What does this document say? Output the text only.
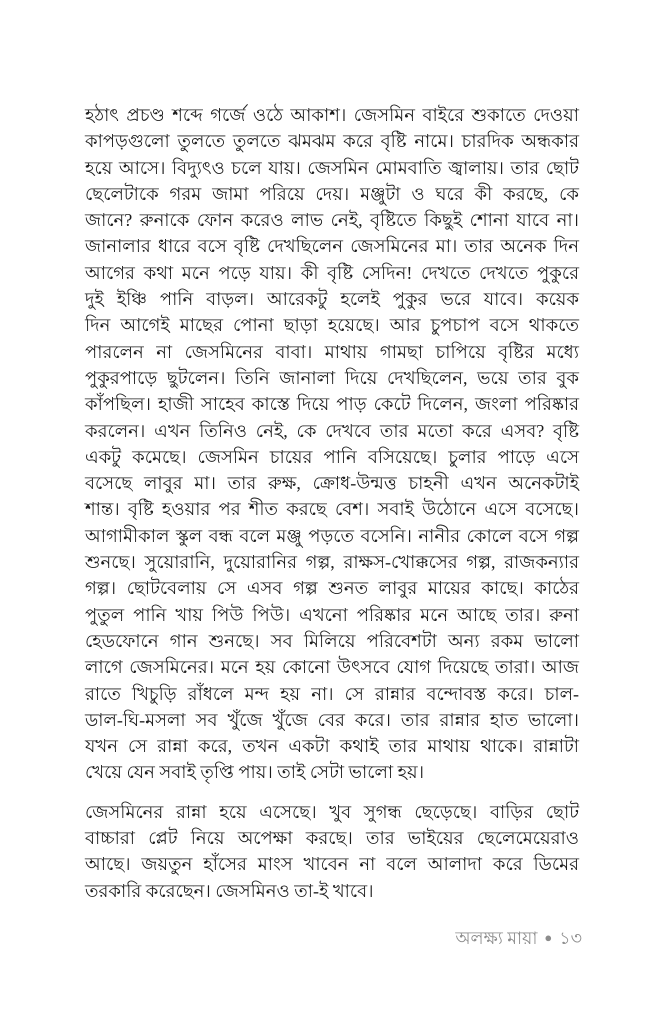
হঠাৎ প্রচণ্ড শব্দে গর্জে ওঠে আকাশ। জেসমিন বাইরে শুকাতে দেওয়া
কাপড়গুলো তুলতে তুলতে ঝমঝম করে বৃষ্টি নামে। চারদিক অন্ধকার
হয়ে আসে। বিদ্যুৎও চলে যায়। জেসমিন মোমবাতি জ্বালায়। তার ছোট
ছেলেটাকে গরম জামা পরিয়ে দেয়। মঞ্জুটা ও ঘরে কী করছে, কে
জানে? রুনাকে ফোন করেও লাভ নেই, বৃষ্টিতে কিছুই শোনা যাবে না।
জানালার ধারে বসে বৃষ্টি দেখছিলেন জেসমিনের মা। তার অনেক দিন
আগের কথা মনে পড়ে যায়। কী বৃষ্টি সেদিন! দেখতে দেখতে পুকুরে
দুই ইঞ্চি পানি বাড়ল। আরেকটু হলেই পুকুর ভরে যাবে। কয়েক
দিন আগেই মাছের পোনা ছাড়া হয়েছে। আর চুপচাপ বসে থাকতে
পারলেন না জেসমিনের বাবা। মাথায় গামছা চাপিয়ে বৃষ্টির মধ্যে
পুকুরপাড়ে ছুটলেন। তিনি জানালা দিয়ে দেখছিলেন, ভয়ে তার বুক
কাঁপছিল। হাজী সাহেব কাস্তে দিয়ে পাড় কেটে দিলেন, জংলা পরিষ্কার
করলেন। এখন তিনিও নেই, কে দেখবে তার মতো করে এসব? বৃষ্টি
একটু কমেছে। জেসমিন চায়ের পানি বসিয়েছে। চুলার পাড়ে এসে
বসেছে লাবুর মা। তার রুক্ষ, ক্রোধ-উন্মত্ত চাহনী এখন অনেকটাই
শান্ত। বৃষ্টি হওয়ার পর শীত করছে বেশ। সবাই উঠোনে এসে বসেছে।
আগামীকাল স্কুল বন্ধ বলে মঞ্জু পড়তে বসেনি। নানীর কোলে বসে গল্প
শুনছে। সুয়োরানি, দুয়োরানির গল্প, রাক্ষস-খোক্কসের গল্প, রাজকন্যার
গল্প। ছোটবেলায় সে এসব গল্প শুনত লাবুর মায়ের কাছে। কাঠের
পুতুল পানি খায় পিউ পিউ। এখনো পরিষ্কার মনে আছে তার। রুনা
হেডফোনে গান শুনছে। সব মিলিয়ে পরিবেশটা অন্য রকম ভালো
লাগে জেসমিনের। মনে হয় কোনো উৎসবে যোগ দিয়েছে তারা। আজ
রাতে খিচুড়ি রাঁধলে মন্দ হয় না। সে রান্নার বন্দোবস্ত করে। চাল-
ডাল-ঘি-মসলা সব খুঁজে খুঁজে বের করে। তার রান্নার হাত ভালো।
যখন সে রান্না করে, তখন একটা কথাই তার মাথায় থাকে। রান্নাটা
খেয়ে যেন সবাই তৃপ্তি পায়। তাই সেটা ভালো হয়।
জেসমিনের রান্না হয়ে এসেছে। খুব সুগন্ধ ছেড়েছে। বাড়ির ছোট
বাচ্চারা প্লেট নিয়ে অপেক্ষা করছে। তার ভাইয়ের ছেলেমেয়েরাও
আছে। জয়তুন হাঁসের মাংস খাবেন না বলে আলাদা করে ডিমের
তরকারি করেছেন। জেসমিনও তা-ই খাবে।
অলক্ষ্য মায়া ● ১৩
